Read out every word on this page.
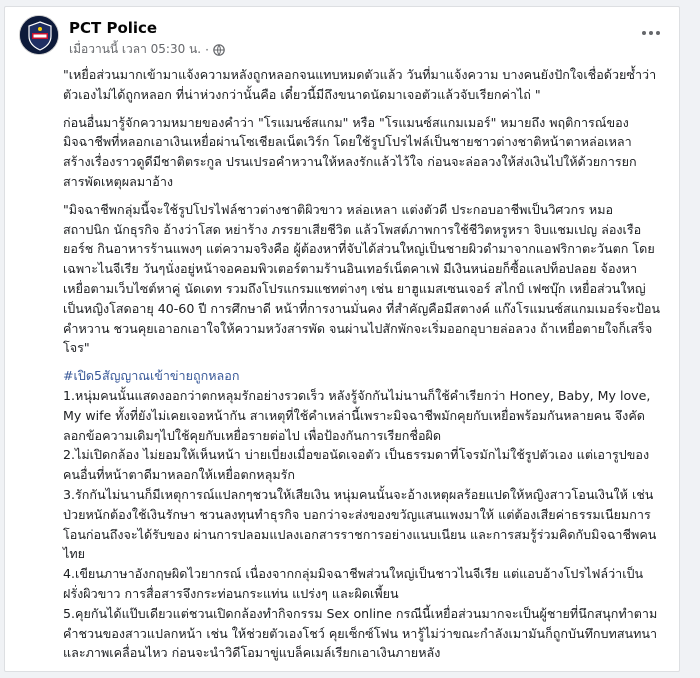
PCT Police
เมื่อวานนี้ เวลา 05:30 น. ·

"เหยื่อส่วนมากเข้ามาแจ้งความหลังถูกหลอกจนแทบหมดตัวแล้ว วันที่มาแจ้งความ บางคนยังปักใจเชื่อด้วยซ้ำว่าตัวเองไม่ได้ถูกหลอก ที่น่าห่วงกว่านั้นคือ เดี๋ยวนี้มีถึงขนาดนัดมาเจอตัวแล้วจับเรียกค่าไถ่ "

ก่อนอื่นมารู้จักความหมายของคำว่า "โรแมนซ์สแกม" หรือ "โรแมนซ์สแกมเมอร์" หมายถึง พฤติการณ์ของมิจฉาชีพที่หลอกเอาเงินเหยื่อผ่านโซเชียลเน็ตเวิร์ก โดยใช้รูปโปรไฟล์เป็นชายชาวต่างชาติหน้าตาหล่อเหลา สร้างเรื่องราวดูดีมีชาติตระกูล ปรนเปรอคำหวานให้หลงรักแล้วไว้ใจ ก่อนจะล่อลวงให้ส่งเงินไปให้ด้วยการยกสารพัดเหตุผลมาอ้าง

"มิจฉาชีพกลุ่มนี้จะใช้รูปโปรไฟล์ชาวต่างชาติผิวขาว หล่อเหลา แต่งตัวดี ประกอบอาชีพเป็นวิศวกร หมอ สถาปนิก นักธุรกิจ อ้างว่าโสด หย่าร้าง ภรรยาเสียชีวิต แล้วโพสต์ภาพการใช้ชีวิตหรูหรา จิบแชมเปญ ล่องเรือยอร์ช กินอาหารร้านแพงๆ แต่ความจริงคือ ผู้ต้องหาที่จับได้ส่วนใหญ่เป็นชายผิวดำมาจากแอฟริกาตะวันตก โดยเฉพาะไนจีเรีย วันๆนั่งอยู่หน้าจอคอมพิวเตอร์ตามร้านอินเทอร์เน็ตคาเฟ่ มีเงินหน่อยก็ซื้อแลปท็อปลอย จ้องหาเหยื่อตามเว็บไซต์หาคู่ นัดเดท รวมถึงโปรแกรมแชทต่างๆ เช่น ยาฮูแมสเซนเจอร์ สไกป์ เฟซบุ๊ก เหยื่อส่วนใหญ่เป็นหญิงโสดอายุ 40-60 ปี การศึกษาดี หน้าที่การงานมั่นคง ที่สำคัญคือมีสตางค์ แก๊งโรแมนซ์สแกมเมอร์จะป้อนคำหวาน ชวนคุยเอาอกเอาใจให้ความหวังสารพัด จนผ่านไปสักพักจะเริ่มออกอุบายล่อลวง ถ้าเหยื่อตายใจก็เสร็จโจร"

#เปิด5สัญญาณเข้าข่ายถูกหลอก

1.หนุ่มคนนั้นแสดงออกว่าตกหลุมรักอย่างรวดเร็ว หลังรู้จักกันไม่นานก็ใช้คำเรียกว่า Honey, Baby, My love, My wife ทั้งที่ยังไม่เคยเจอหน้ากัน สาเหตุที่ใช้คำเหล่านี้เพราะมิจฉาชีพมักคุยกับเหยื่อพร้อมกันหลายคน จึงคัดลอกข้อความเดิมๆไปใช้คุยกับเหยื่อรายต่อไป เพื่อป้องกันการเรียกชื่อผิด

2.ไม่เปิดกล้อง ไม่ยอมให้เห็นหน้า บ่ายเบี่ยงเมื่อขอนัดเจอตัว เป็นธรรมดาที่โจรมักไม่ใช้รูปตัวเอง แต่เอารูปของคนอื่นที่หน้าตาดีมาหลอกให้เหยื่อตกหลุมรัก

3.รักกันไม่นานก็มีเหตุการณ์แปลกๆชวนให้เสียเงิน หนุ่มคนนั้นจะอ้างเหตุผลร้อยแปดให้หญิงสาวโอนเงินให้ เช่น ป่วยหนักต้องใช้เงินรักษา ชวนลงทุนทำธุรกิจ บอกว่าจะส่งของขวัญแสนแพงมาให้ แต่ต้องเสียค่าธรรมเนียมการโอนก่อนถึงจะได้รับของ ผ่านการปลอมแปลงเอกสารราชการอย่างแนบเนียน และการสมรู้ร่วมคิดกับมิจฉาชีพคนไทย

4.เขียนภาษาอังกฤษผิดไวยากรณ์ เนื่องจากกลุ่มมิจฉาชีพส่วนใหญ่เป็นชาวไนจีเรีย แต่แอบอ้างโปรไฟล์ว่าเป็นฝรั่งผิวขาว การสื่อสารจึงกระท่อนกระแท่น แปร่งๆ และผิดเพี้ยน

5.คุยกันได้แป๊บเดียวแต่ชวนเปิดกล้องทำกิจกรรม Sex online กรณีนี้เหยื่อส่วนมากจะเป็นผู้ชายที่นึกสนุกทำตามคำชวนของสาวแปลกหน้า เช่น ให้ช่วยตัวเองโชว์ คุยเซ็กซ์โฟน หารู้ไม่ว่าขณะกำลังเมามันก็ถูกบันทึกบทสนทนาและภาพเคลื่อนไหว ก่อนจะนำวิดีโอมาขู่แบล็คเมล์เรียกเอาเงินภายหลัง
